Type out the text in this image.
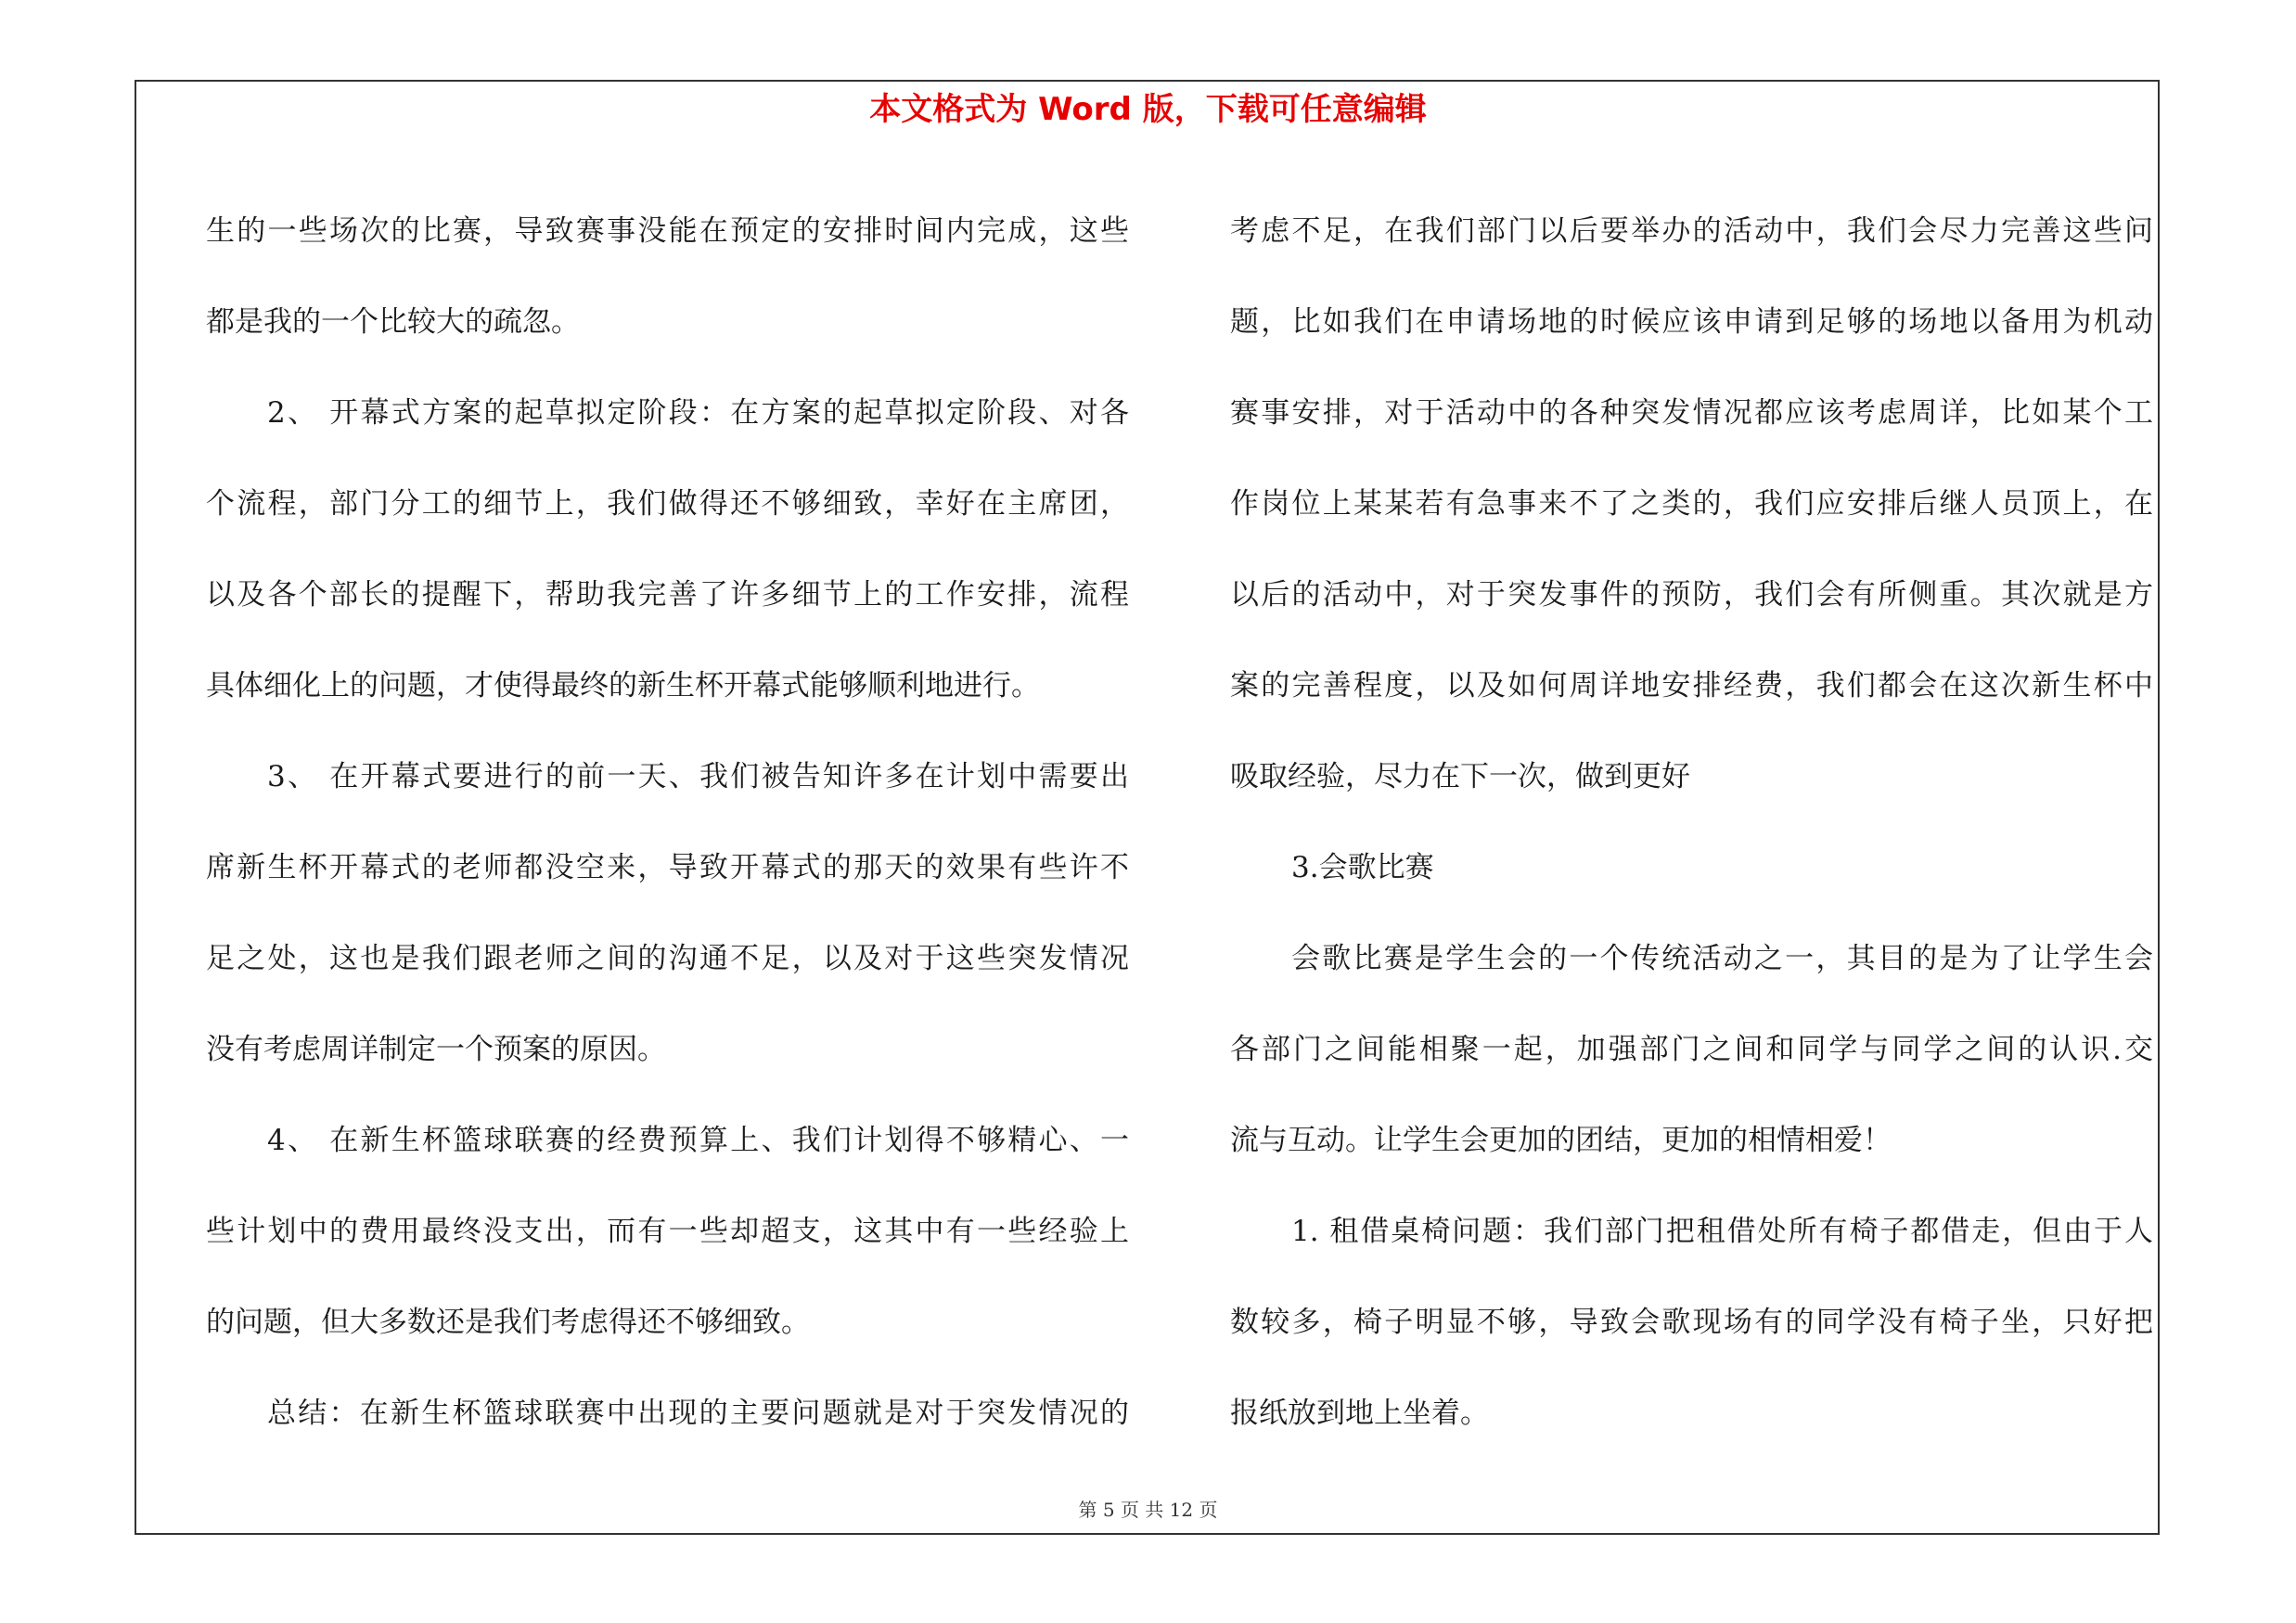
本文格式为 Word 版，下载可任意编辑
生的一些场次的比赛，导致赛事没能在预定的安排时间内完成，这些
都是我的一个比较大的疏忽。
2、 开幕式方案的起草拟定阶段：在方案的起草拟定阶段、对各
个流程，部门分工的细节上，我们做得还不够细致，幸好在主席团，
以及各个部长的提醒下，帮助我完善了许多细节上的工作安排，流程
具体细化上的问题，才使得最终的新生杯开幕式能够顺利地进行。
3、 在开幕式要进行的前一天、我们被告知许多在计划中需要出
席新生杯开幕式的老师都没空来，导致开幕式的那天的效果有些许不
足之处，这也是我们跟老师之间的沟通不足，以及对于这些突发情况
没有考虑周详制定一个预案的原因。
4、 在新生杯篮球联赛的经费预算上、我们计划得不够精心、一
些计划中的费用最终没支出，而有一些却超支，这其中有一些经验上
的问题，但大多数还是我们考虑得还不够细致。
总结：在新生杯篮球联赛中出现的主要问题就是对于突发情况的
考虑不足，在我们部门以后要举办的活动中，我们会尽力完善这些问
题，比如我们在申请场地的时候应该申请到足够的场地以备用为机动
赛事安排，对于活动中的各种突发情况都应该考虑周详，比如某个工
作岗位上某某若有急事来不了之类的，我们应安排后继人员顶上，在
以后的活动中，对于突发事件的预防，我们会有所侧重。其次就是方
案的完善程度，以及如何周详地安排经费，我们都会在这次新生杯中
吸取经验，尽力在下一次，做到更好
3.会歌比赛
会歌比赛是学生会的一个传统活动之一，其目的是为了让学生会
各部门之间能相聚一起，加强部门之间和同学与同学之间的认识.交
流与互动。让学生会更加的团结，更加的相情相爱！
1. 租借桌椅问题：我们部门把租借处所有椅子都借走，但由于人
数较多，椅子明显不够，导致会歌现场有的同学没有椅子坐，只好把
报纸放到地上坐着。
第 5 页 共 12 页
